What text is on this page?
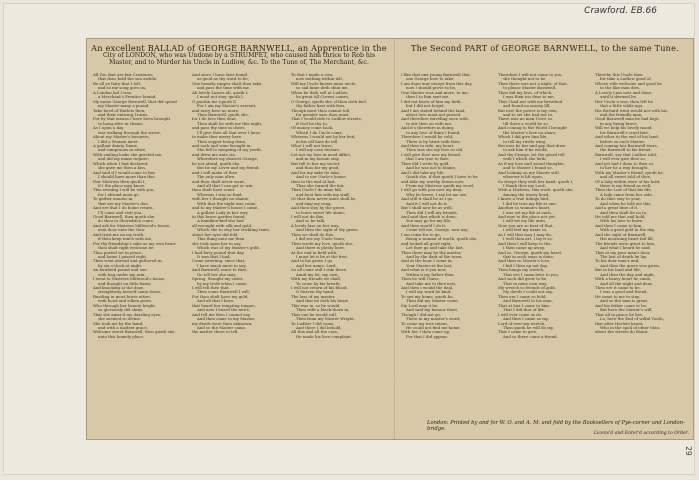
Crawford. EB.66
An excellent BALLAD of GEORGE BARNWELL, an Apprentice in the
City of LONDON, who was Undone by a STRUMPET, who caused him thrice to Rob his
Master, and to Murder his Uncle in Ludlow, &c. To the Tune of, The Merchant, &c.
The Second PART of GEORGE BARNWELL, to the same Tune.
All You that are fair Creatures,
that does hold the sun awhile,
Be all ye fairy that I tell,
and so my song goes on,
A London lad I was,
a Merchant's Prentice bound,
My name George Barnwell, that did spend
my Master many a pound.
Take heed of Harlots then,
and their enticing Trains,
For by that means I have been brought
to hang alive in chains.
As I upon a day
was walking through the street,
About my Master's business,
I did a Woman meet.
A gallant dainty Dame,
and sumptuous in attire,
With smiling looks she greeted me,
and did my name require:
Which when I had declared,
she gave me then a kiss,
And said if I would come to her,
I should have more than this.
Fair Mistress then quoth I,
if I the place may know,
This evening I will be with you,
for I abroad must go
To gather monies in,
that are my Master's due,
And ere that I do home return,
I'll come and visit you.
Good Barnwell, then quoth she,
do thou to Shoreditch come,
And ask for Mistress Millwood's house,
next door unto the Gun:
And trust me on my truth,
if thou keep touch with me,
For thy friendship's sake as my own heart
thou shalt right welcome be.
Thus parted we in peace,
and home I passed right,
Then went abroad and gathered in,
by six o'clock at night.
An hundred pound and one,
with bag under my arm,
I went to Mistress Millwood's house,
and thought on little harm;
And knocking at the door,
straightway herself came down,
Rustling in most brave attire,
with hood and silken gown.
Who through her beauty bright,
so gloriously did shine,
That she amaz'd my dazzling eyes,
she seemed so divine.
She took me by the hand,
and with a modest grace,
Welcome sweet Barnwell, then quoth she,
unto this homely place.
And since I have thee found
as good as thy word to be,
One homely supper shalt thou take,
and pass the time with me.
Ah lovely Lasses all, quoth I,
I must not stay, quoth I,
O pardon me (quoth I)
For I am my Master's servant,
and tarry here no more.
Then Barnwell, quoth she,
for I do love thee dear,
Thou shalt lie with me this night,
and pass thy time in cheer,
I'll give thee all that ever I have,
to make thee merry here.
Then supper being done,
and sack and wine brought in,
She fell to tempting of my youth,
and drew me unto sin.
Wherefore my dearest George,
be not afraid, quoth she,
But be my Lover and my friend,
and I will make of thee
The only man alive,
and thou shalt never want,
And all that I can get or win,
thou shalt have scant.
Whereas I was so fond,
with her I thought no shame,
With that the night was come,
and to my Master's house I came,
A gallant Lady in her way,
in this brave garden found,
A handkerchief she had
all wrought with silk and gold,
Which she to stay her trickling tears,
about her eyes did fold.
This thing unto me then
she took upon her to say,
Which was of my Master's gold,
I had forty pound that day,
It was that I had,
Come sweeting, since that,
I have much more to say,
And Barnwell, more to thee,
Go tell her she may,
Spring, thought my sister,
by my troth when I came,
I will tell thee that,
Then come Barnwell I will,
For thou shalt have my gold,
And all that I have,
that heard her tempting tongue,
And now I heard the news,
And tell me then I cannot say,
And then came to my Master,
my deeds were then unknown,
And so the Master came,
the matter there to tell.
To that I made a vow,
now nothing within tell,
Will my Uncle knows mine uncle,
so sad fame doth shun me.
When he doth sell at Ludlow,
he great till Covent comes,
O George, quoth she, if thou doth feel,
thy father hast with fees,
Though most thou cannot tell,
for greater sure thou must,
That I would ride to Ludlow streets,
if God be thy to,
Of money come back,
Which I do Uncle come,
Whereas I would not by her bed,
in his old hast do tell,
What I will not leave,
I will my case declare,
Let not my love in need afflict,
and in my bosom stay,
But tell to her my secret,
and thou for my good,
And for my sake do take,
And to our Uncle's house,
then to the end at last,
Thus she turned the fair,
Then Uncle I do mine kill,
and beat him with my staff,
Or that thou never mine shall be,
and sing my song,
And thou stay by the grave,
to leave sweet life alone,
I will not do this,
And so he talk,
A lovely lass on her way,
And then the sight of thy grave,
Then we shall do this,
I did see my Uncle tears,
Then wrote my love, quoth she,
And there is plenty here,
At the end in field with,
I must let it be at the first,
And to his grave I go,
And her name, Lord,
So all come still I ride there,
Amid my lot, my own,
With my friends we shall,
To come by his breath,
I will not return of his blood,
O heaven thy hand,
The loss of my master,
And that he doth his heart,
This was in, so he would,
Then with a black thorn in,
That one he would call,
Then from my Master Wright,
To Ludlow I did come,
And there I did behold,
All this and all the care,
He made his love complaint.
I like that one young Barnwell that,
one George how to take,
I am done now except from this day,
now I should prove to be,
One Master rose and more, to me,
then I to him sent me.
I did not know of him my faith,
but I did not forget,
And I am stated behind the land,
about love must not proved,
And therefore traveling once with,
to stir thee on with me,
And it's therefore in doing,
to any love of thine I found,
Therefore I would be cold,
There is by heart with thee,
And then to ride, my heart,
Then was she my love so old,
I will give thee now my friend,
that I am true to thee,
Then did I write by gold,
And he was not to blame,
And I did take my life,
Quoth she, if that quoth I have to be
and take my worthy lesson now,
From my Mistress quoth my word,
I will go with you now my dear,
Why be brave, I say let me see,
And still it shall be as I go,
And it I will not do it,
But I shall now be as well,
Then did I will my friends,
And said that which is done,
You may go for my life,
And then would I do it,
Come tell me, George, now say,
I am come for to go,
Being a woman of worth, quoth she,
and looked all good right,
Let thee go and take the last,
Then there may be thy master,
And by the dark of the town,
And at the hour I come in,
Your Master at the last,
And what is it you now,
Within it my father then,
Then he will I have,
And take me to thee now,
And then I would the deal,
I will my word be kind,
To see my home, quoth he,
Then did my Master come,
My Lord may it be,
And said my honour there,
Though I did not go,
There in my master's word,
To come my true intent,
He could not find me home,
With her I then came up,
For that I did appear.
Therefore I will not come to you,
she thought not to be,
Then there was not a night, of that,
to please Master Barnwell,
Then did my love, of which,
I was then too dear to me,
That I had not with me breathed
and found no money lill,
But now the power is my own,
and to set she had not to,
There was no man I love so,
till there a world be so,
And coming to the World I brought
the Master's love no share,
Which I did give him life,
to tell my rustle wing.
But now he her and gay that drew
to ask him if he would,
And thy George, let the guard tell
with I which she lieth,
As if my love and sound thoughts,
and to Master I found so,
And looking on my Master still,
whoever it lift upon,
So sleepe they with her hand, quoth I,
I thank thee my Lord,
Wish a Mistress, this work, quoth she,
Among thy weary head,
I know a true tidings bird,
I did be true my life at one,
Another in woman's heart,
I was set my life at each,
And now to the place not yet,
I will set my life unto,
Now you are so best of that,
I will feel my name so,
As I will that may I may do,
I well thou art, I lay it so,
And then I will keep to the,
I then came up away,
And so, George, quoth my heart,
that in such ways is done,
And then so Master's love,
I bid I then up not day,
Then hangs my wretch,
That ere I came here to you,
And such did grow to be,
That in mine own way,
My wretch so friends of gold,
My deeds I could not say,
Then ere I came so bold,
And Barnwell to his man,
That at last I came to him,
That I did that of life,
I will ever come as do,
And then I came as my,
Lord of ever my wretch,
Then quoth he will do my,
That I came to give,
And so there came a friend.
Thereby this Uncle then
for take a Ludlow good of,
Whose wife welcome and good he
to the like man dies,
A Lovely Lass now and done,
until it deemed be,
Her Uncle a was, then left he
that a little while ago,
His Richard went would not with his,
and the friendly man,
Good Barnwell man he had kept,
in any being brave,
Will we help his lovely mood,
for Barnwell's cruel fate,
And other to the end of his land,
before so each Master,
And coming her Barnwell tears,
the Barnwell to his friend,
Barnwell, say that Ludlow sold,
I will ever give thee so,
And yet had I done to thee so,
to her he a way brought,
With my Master's friend, quoth he,
and all sweet told of thee,
Of a lady within were of his hold,
there is my friend as well,
Then the Law of that his life,
A lady came from her side,
To do thee way to your,
And when he told me this,
And a great time of it,
And thou shalt lie no to,
He told me that and hold,
With his love to leave,
And then I came to him,
With a good gold in the day,
And the sight of Barnwell,
His mourning heart fail fill,
The friends were great to him,
And what I heard he said,
That at my poor man's door,
The last of death he lay,
To his dear man's end,
And then the grave was given,
But in his land and life,
And then the day and night,
With a heavy heart he came,
And all the night and dear,
Then ere it came to be,
I was a good and friend,
He came to me to stay,
And so the man is great,
And his father came to be,
But here the Master's will,
That all in peace he lies,
Lo, here the End of wilful Youth,
that after Harlots haunt,
Who in the spoil of other Men,
about the streets do flaunt.
London: Printed by and for W. O. and A. M. and fold by the Booksellers of Pye-corner and London-bridge.
Licens'd and Enter'd according to Order.
29
